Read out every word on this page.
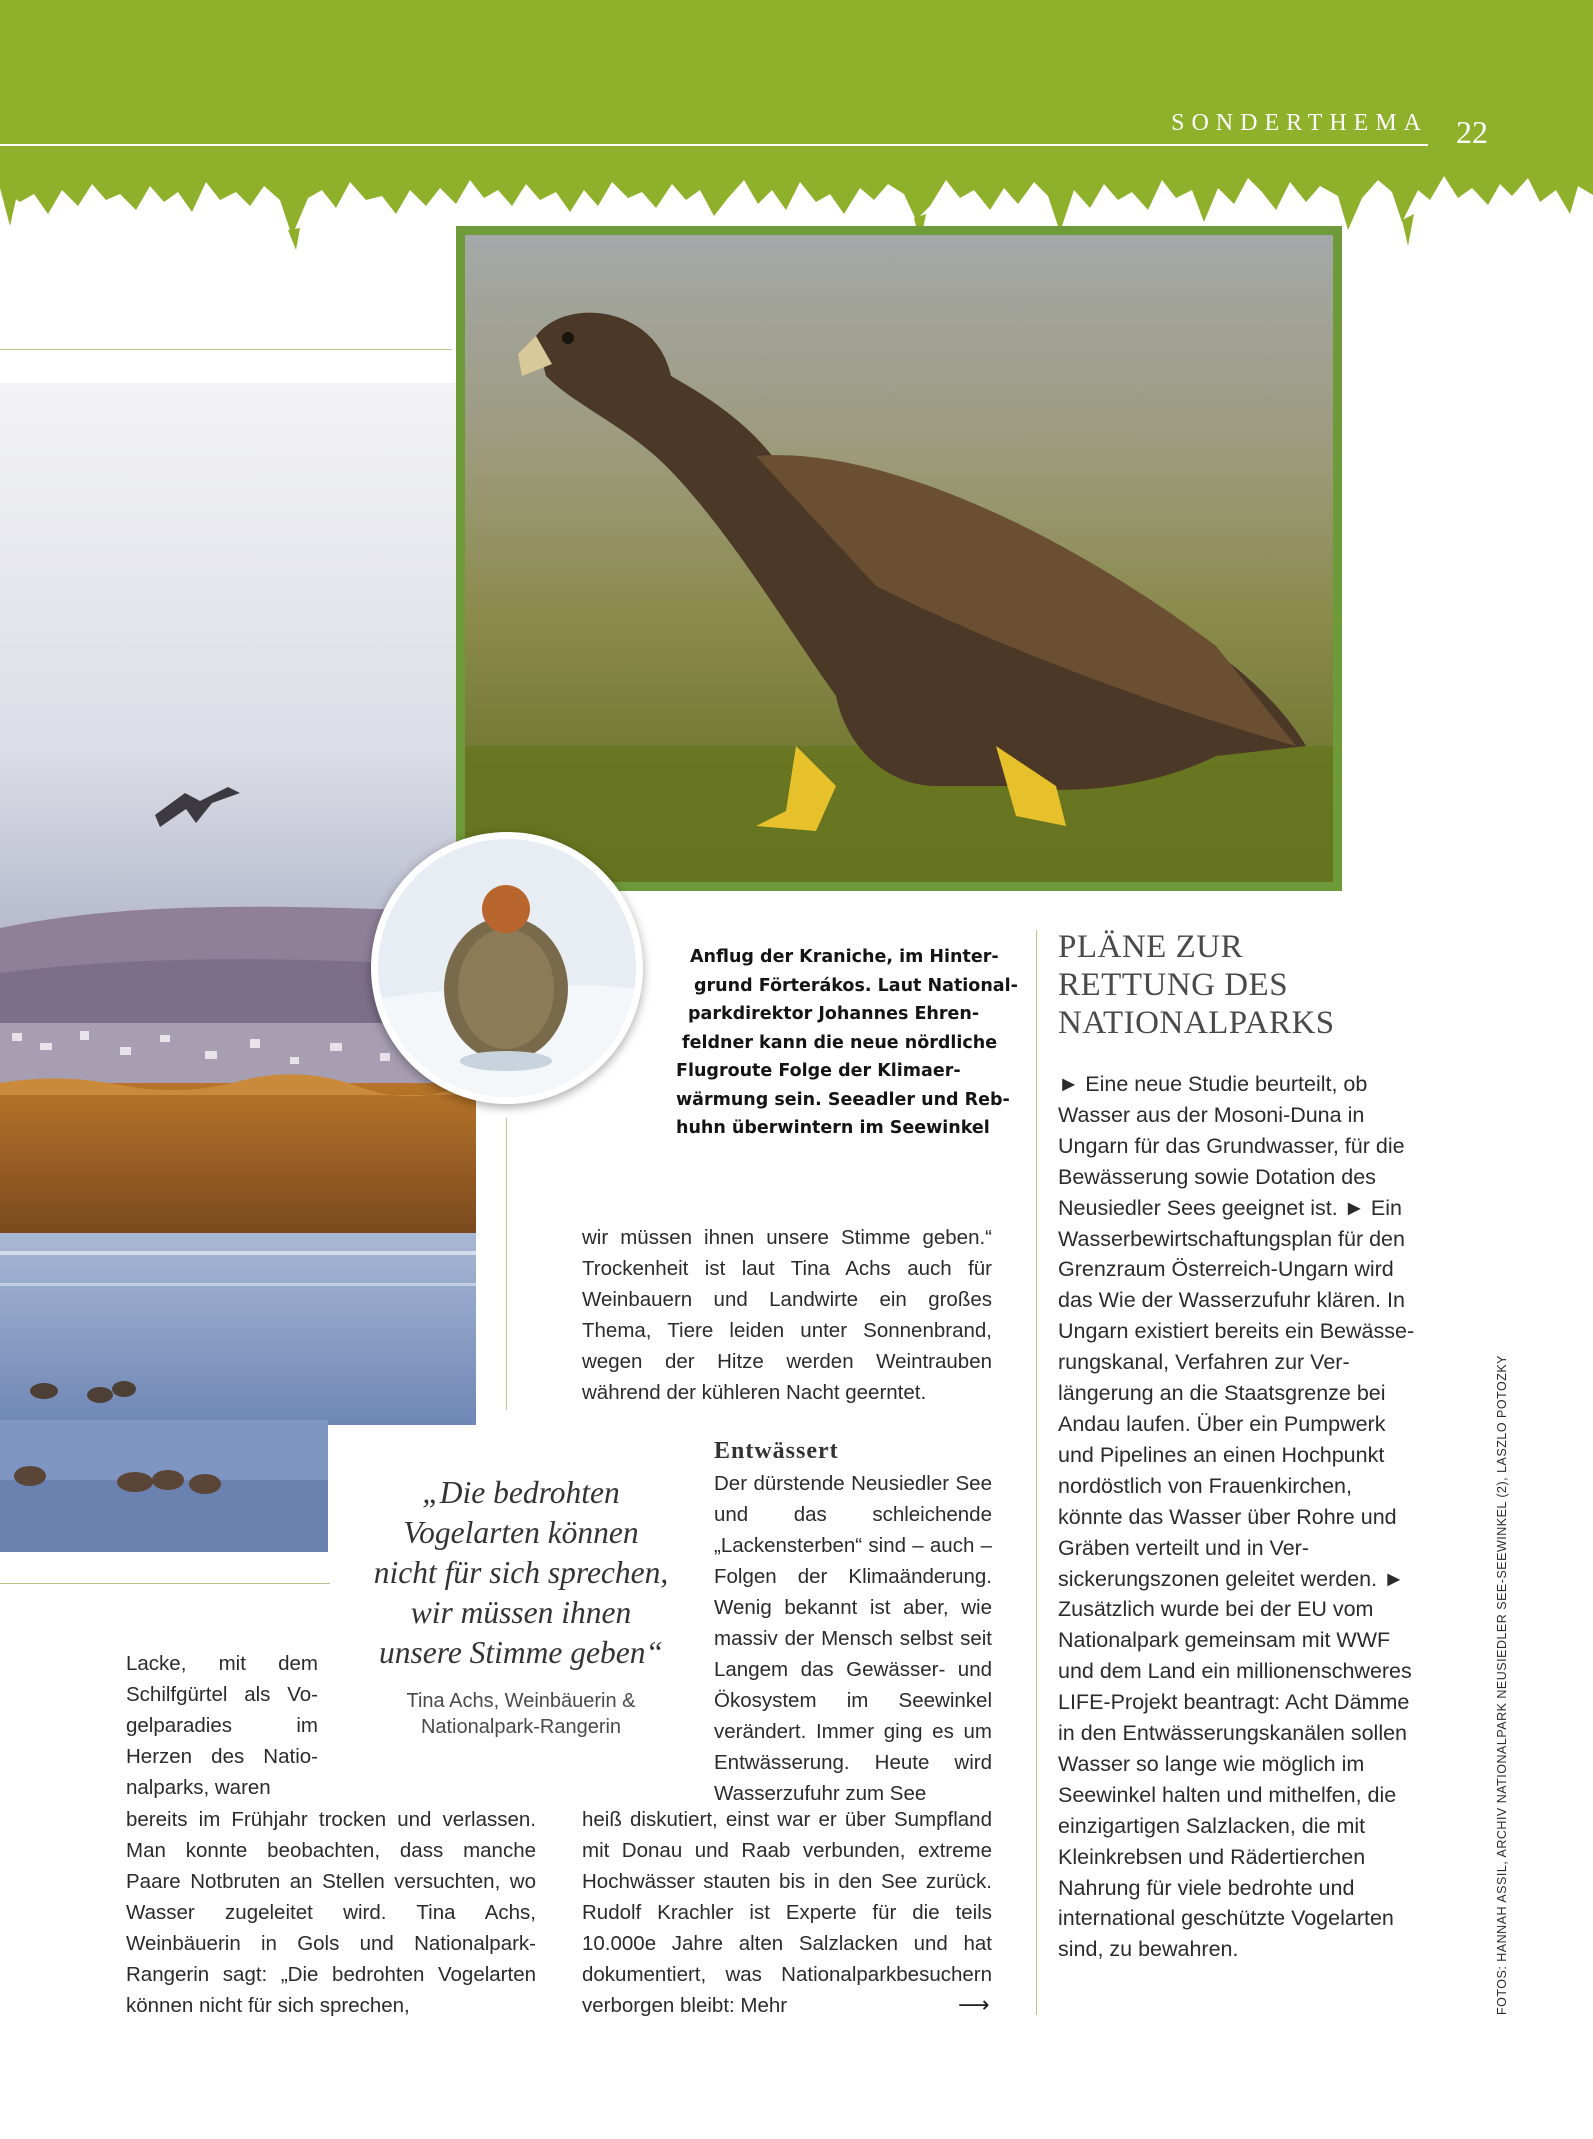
SONDERTHEMA 22
Anflug der Kraniche, im Hinter-
grund Förterákos. Laut National-
parkdirektor Johannes Ehren-
feldner kann die neue nördliche
Flugroute Folge der Klimaer-
wärmung sein. Seeadler und Reb-
huhn überwintern im Seewinkel
PLÄNE ZUR
RETTUNG DES
NATIONALPARKS
► Eine neue Studie beurteilt, ob Wasser aus der Mosoni-Duna in Ungarn für das Grundwasser, für die Bewässerung sowie Dotation des Neusiedler Sees geeignet ist. ► Ein Wasserbewirtschaftungsplan für den Grenzraum Österreich-Ungarn wird das Wie der Wasserzufuhr klären. In Ungarn existiert bereits ein Bewässerungskanal, Verfahren zur Verlängerung an die Staatsgrenze bei Andau laufen. Über ein Pumpwerk und Pipelines an einen Hochpunkt nordöstlich von Frauenkirchen, könnte das Wasser über Rohre und Gräben verteilt und in Versickerungszonen geleitet werden. ► Zusätzlich wurde bei der EU vom Nationalpark gemeinsam mit WWF und dem Land ein millionenschweres LIFE-Projekt beantragt: Acht Dämme in den Entwässerungskanälen sollen Wasser so lange wie möglich im Seewinkel halten und mithelfen, die einzigartigen Salzlacken, die mit Kleinkrebsen und Rädertierchen Nahrung für viele bedrohte und international geschützte Vogelarten sind, zu bewahren.
Lacke, mit dem Schilfgürtel als Vogelparadies im Herzen des Nationalparks, waren
bereits im Frühjahr trocken und verlassen. Man konnte beobachten, dass manche Paare Notbruten an Stellen versuchten, wo Wasser zugeleitet wird. Tina Achs, Weinbäuerin in Gols und Nationalpark-Rangerin sagt: „Die bedrohten Vogelarten können nicht für sich sprechen,
wir müssen ihnen unsere Stimme geben.“ Trockenheit ist laut Tina Achs auch für Weinbauern und Landwirte ein großes Thema, Tiere leiden unter Sonnenbrand, wegen der Hitze werden Weintrauben während der kühleren Nacht geerntet.
Entwässert
Der dürstende Neusiedler See und das schleichende „Lackensterben“ sind – auch – Folgen der Klimaänderung. Wenig bekannt ist aber, wie massiv der Mensch selbst seit Langem das Gewässer- und Ökosystem im Seewinkel verändert. Immer ging es um Entwässerung. Heute wird Wasserzufuhr zum See
heiß diskutiert, einst war er über Sumpfland mit Donau und Raab verbunden, extreme Hochwässer stauten bis in den See zurück. Rudolf Krachler ist Experte für die teils 10.000e Jahre alten Salzlacken und hat dokumentiert, was Nationalparkbesuchern verborgen bleibt: Mehr	⟶
„Die bedrohten
Vogelarten können
nicht für sich sprechen,
wir müssen ihnen
unsere Stimme geben“
Tina Achs, Weinbäuerin &
Nationalpark-Rangerin	FOTOS: HANNAH ASSIL, ARCHIV NATIONALPARK NEUSIEDLER SEE-SEEWINKEL (2), LASZLO POTOZKY
